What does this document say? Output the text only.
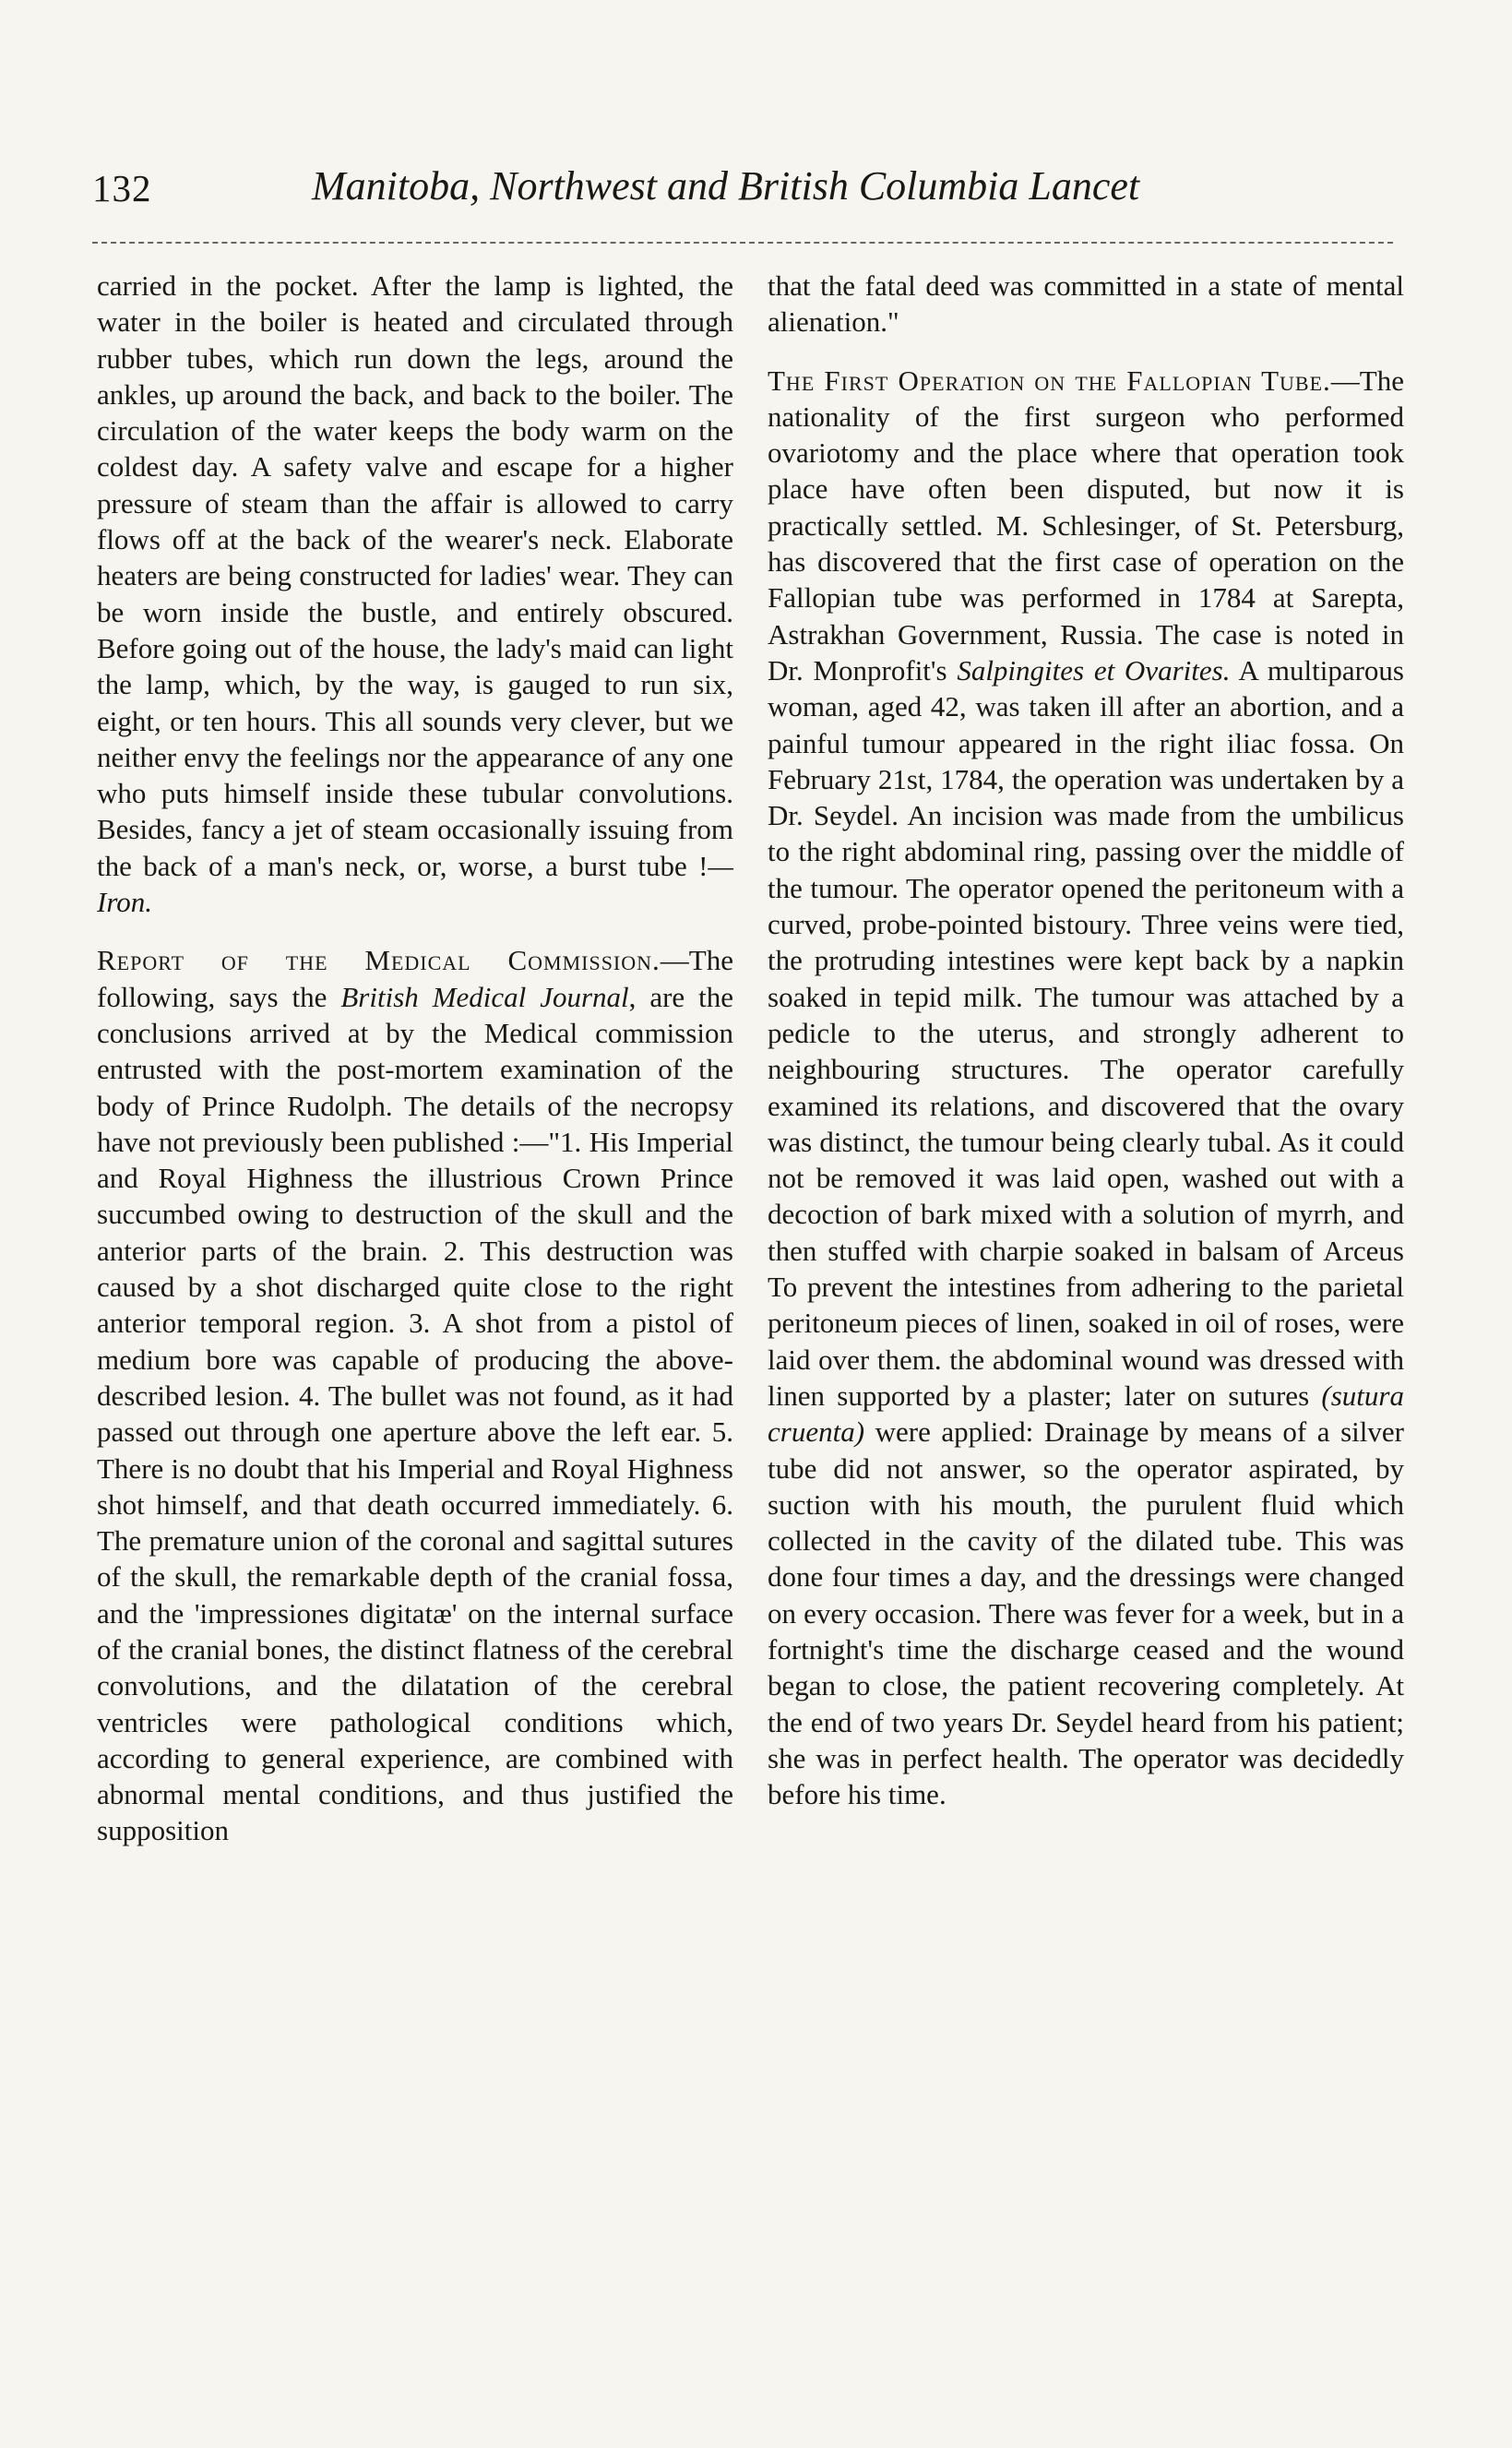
132	Manitoba, Northwest and British Columbia Lancet

carried in the pocket. After the lamp is lighted, the water in the boiler is heated and circulated through rubber tubes, which run down the legs, around the ankles, up around the back, and back to the boiler. The circulation of the water keeps the body warm on the coldest day. A safety valve and escape for a higher pressure of steam than the affair is allowed to carry flows off at the back of the wearer's neck. Elaborate heaters are being constructed for ladies' wear. They can be worn inside the bustle, and entirely obscured. Before going out of the house, the lady's maid can light the lamp, which, by the way, is gauged to run six, eight, or ten hours. This all sounds very clever, but we neither envy the feelings nor the appearance of any one who puts himself inside these tubular convolutions. Besides, fancy a jet of steam occasionally issuing from the back of a man's neck, or, worse, a burst tube !—Iron.

Report of the Medical Commission.—The following, says the British Medical Journal, are the conclusions arrived at by the Medical commission entrusted with the post-mortem examination of the body of Prince Rudolph. The details of the necropsy have not previously been published :—"1. His Imperial and Royal Highness the illustrious Crown Prince succumbed owing to destruction of the skull and the anterior parts of the brain. 2. This destruction was caused by a shot discharged quite close to the right anterior temporal region. 3. A shot from a pistol of medium bore was capable of producing the above-described lesion. 4. The bullet was not found, as it had passed out through one aperture above the left ear. 5. There is no doubt that his Imperial and Royal Highness shot himself, and that death occurred immediately. 6. The premature union of the coronal and sagittal sutures of the skull, the remarkable depth of the cranial fossa, and the 'impressiones digitatæ' on the internal surface of the cranial bones, the distinct flatness of the cerebral convolutions, and the dilatation of the cerebral ventricles were pathological conditions which, according to general experience, are combined with abnormal mental conditions, and thus justified the supposition

that the fatal deed was committed in a state of mental alienation."

The First Operation on the Fallopian Tube.—The nationality of the first surgeon who performed ovariotomy and the place where that operation took place have often been disputed, but now it is practically settled. M. Schlesinger, of St. Petersburg, has discovered that the first case of operation on the Fallopian tube was performed in 1784 at Sarepta, Astrakhan Government, Russia. The case is noted in Dr. Monprofit's Salpingites et Ovarites. A multiparous woman, aged 42, was taken ill after an abortion, and a painful tumour appeared in the right iliac fossa. On February 21st, 1784, the operation was undertaken by a Dr. Seydel. An incision was made from the umbilicus to the right abdominal ring, passing over the middle of the tumour. The operator opened the peritoneum with a curved, probe-pointed bistoury. Three veins were tied, the protruding intestines were kept back by a napkin soaked in tepid milk. The tumour was attached by a pedicle to the uterus, and strongly adherent to neighbouring structures. The operator carefully examined its relations, and discovered that the ovary was distinct, the tumour being clearly tubal. As it could not be removed it was laid open, washed out with a decoction of bark mixed with a solution of myrrh, and then stuffed with charpie soaked in balsam of Arceus To prevent the intestines from adhering to the parietal peritoneum pieces of linen, soaked in oil of roses, were laid over them. the abdominal wound was dressed with linen supported by a plaster; later on sutures (sutura cruenta) were applied: Drainage by means of a silver tube did not answer, so the operator aspirated, by suction with his mouth, the purulent fluid which collected in the cavity of the dilated tube. This was done four times a day, and the dressings were changed on every occasion. There was fever for a week, but in a fortnight's time the discharge ceased and the wound began to close, the patient recovering completely. At the end of two years Dr. Seydel heard from his patient; she was in perfect health. The operator was decidedly before his time.
